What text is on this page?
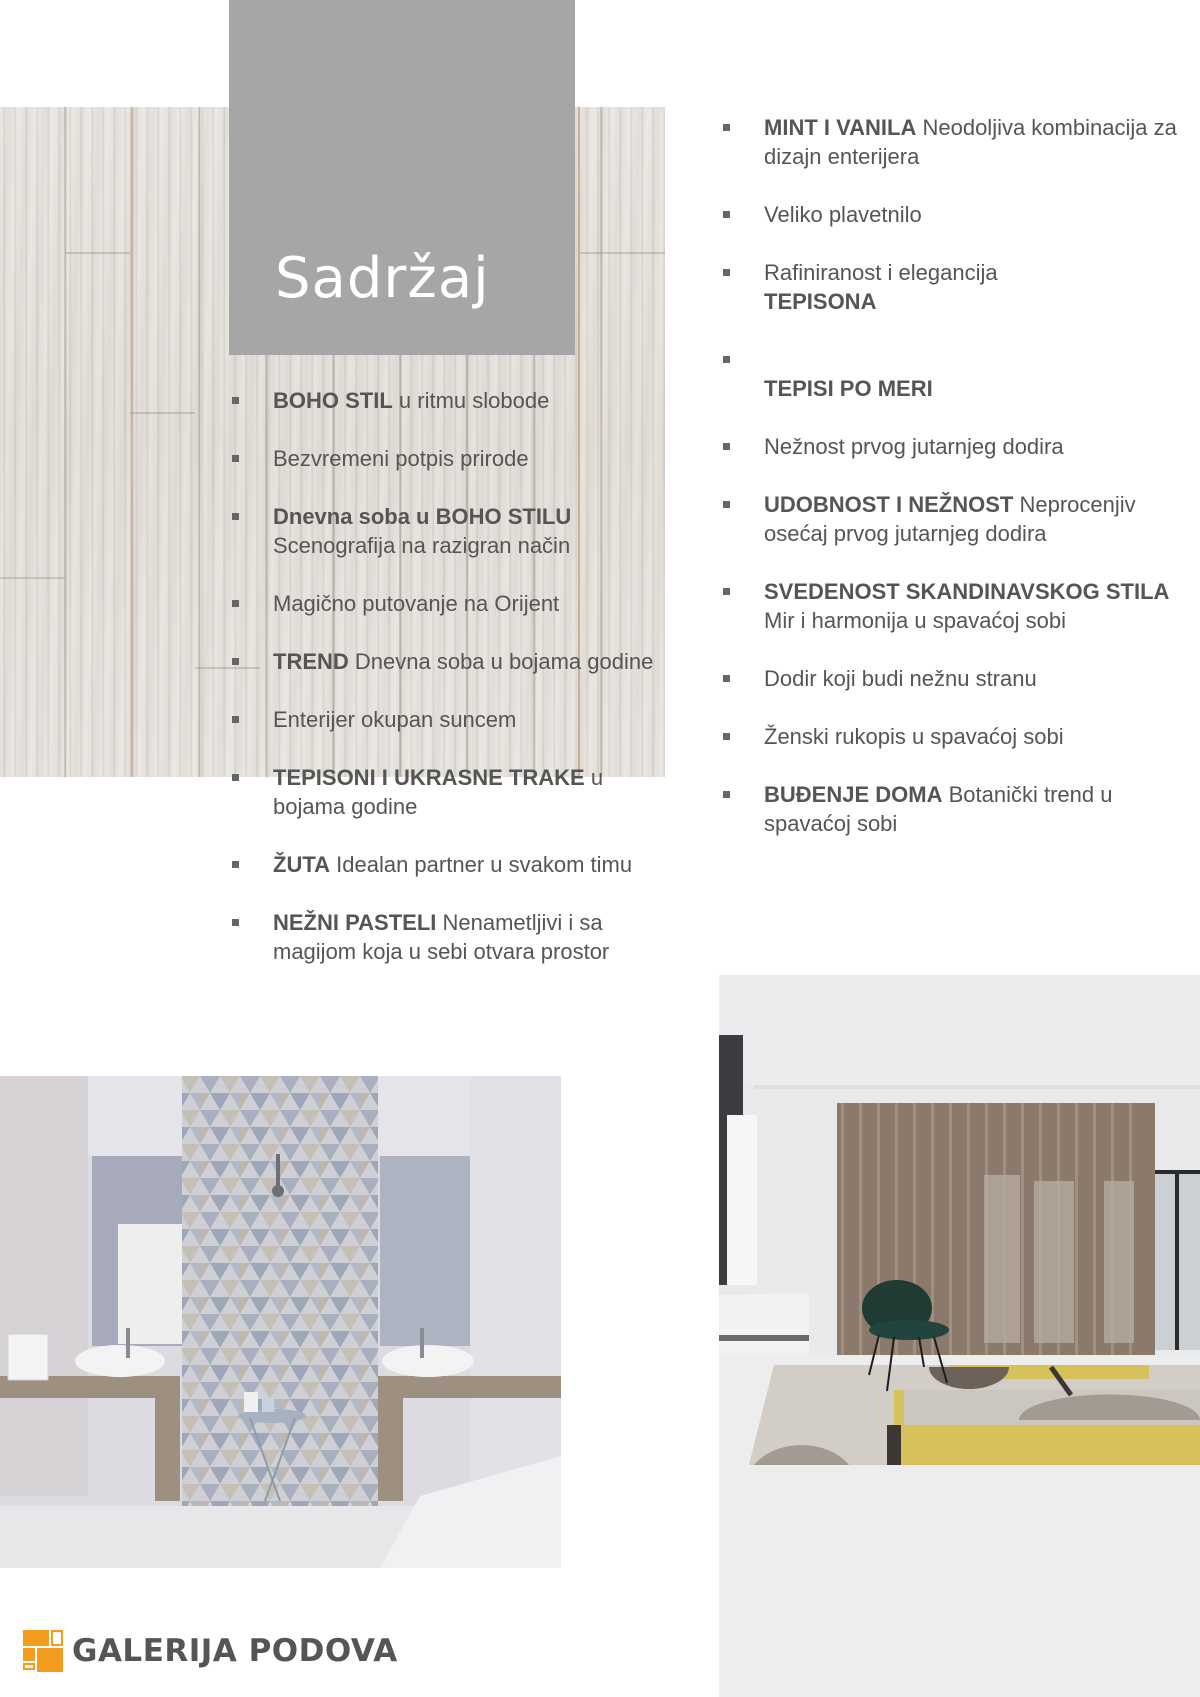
Sadržaj
BOHO STIL u ritmu slobode
Bezvremeni potpis prirode
Dnevna soba u BOHO STILU Scenografija na razigran način
Magično putovanje na Orijent
TREND Dnevna soba u bojama godine
Enterijer okupan suncem
TEPISONI I UKRASNE TRAKE u bojama godine
ŽUTA Idealan partner u svakom timu
NEŽNI PASTELI Nenametljivi i sa magijom koja u sebi otvara prostor
MINT I VANILA Neodoljiva kombinacija za dizajn enterijera
Veliko plavetnilo
Rafiniranost i elegancija
TEPISONA
TEPISI PO MERI
Nežnost prvog jutarnjeg dodira
UDOBNOST I NEŽNOST Neprocenjiv osećaj prvog jutarnjeg dodira
SVEDENOST SKANDINAVSKOG STILA Mir i harmonija u spavaćoj sobi
Dodir koji budi nežnu stranu
Ženski rukopis u spavaćoj sobi
BUĐENJE DOMA Botanički trend u spavaćoj sobi
GALERIJA PODOVA
